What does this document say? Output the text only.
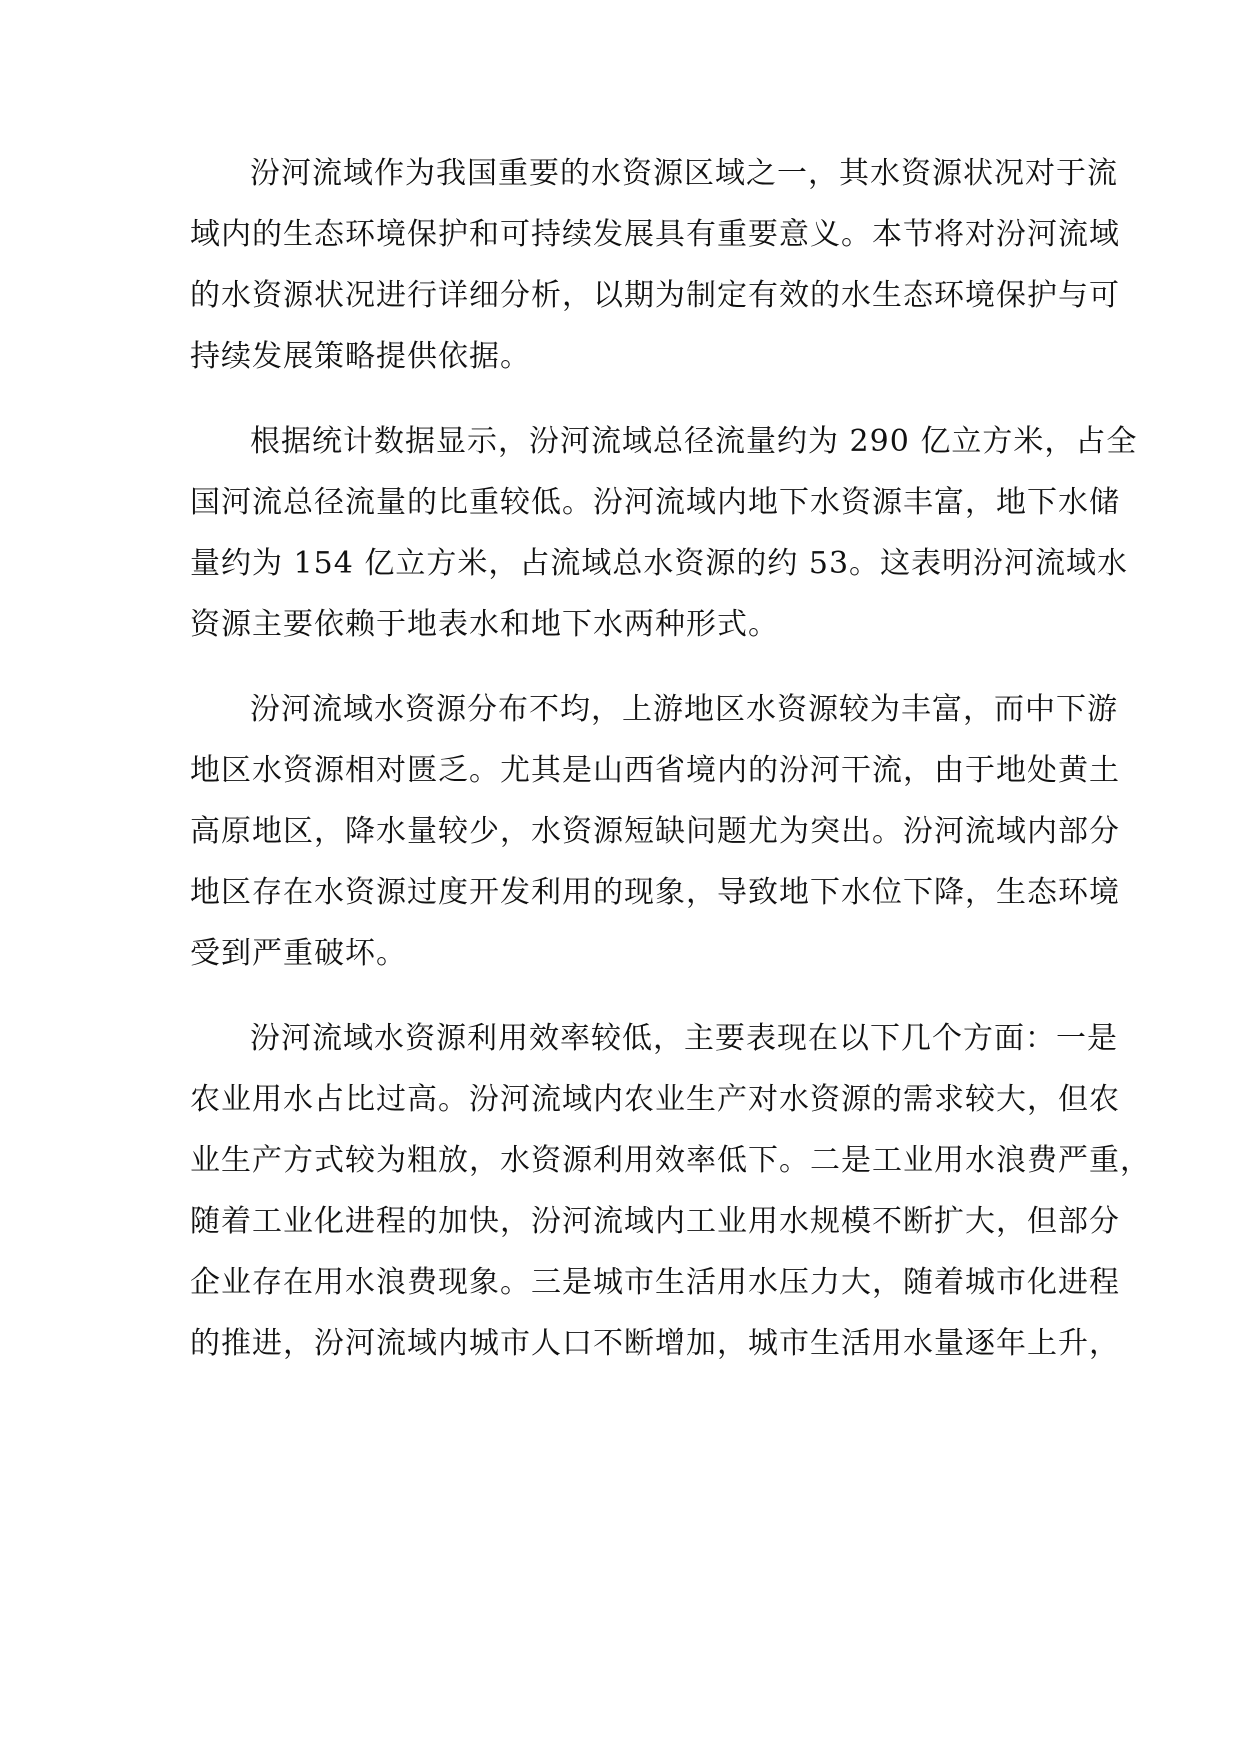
汾河流域作为我国重要的水资源区域之一，其水资源状况对于流
域内的生态环境保护和可持续发展具有重要意义。本节将对汾河流域
的水资源状况进行详细分析，以期为制定有效的水生态环境保护与可
持续发展策略提供依据。

根据统计数据显示，汾河流域总径流量约为 290 亿立方米，占全
国河流总径流量的比重较低。汾河流域内地下水资源丰富，地下水储
量约为 154 亿立方米，占流域总水资源的约 53。这表明汾河流域水
资源主要依赖于地表水和地下水两种形式。

汾河流域水资源分布不均，上游地区水资源较为丰富，而中下游
地区水资源相对匮乏。尤其是山西省境内的汾河干流，由于地处黄土
高原地区，降水量较少，水资源短缺问题尤为突出。汾河流域内部分
地区存在水资源过度开发利用的现象，导致地下水位下降，生态环境
受到严重破坏。

汾河流域水资源利用效率较低，主要表现在以下几个方面：一是
农业用水占比过高。汾河流域内农业生产对水资源的需求较大，但农
业生产方式较为粗放，水资源利用效率低下。二是工业用水浪费严重，
随着工业化进程的加快，汾河流域内工业用水规模不断扩大，但部分
企业存在用水浪费现象。三是城市生活用水压力大，随着城市化进程
的推进，汾河流域内城市人口不断增加，城市生活用水量逐年上升，
